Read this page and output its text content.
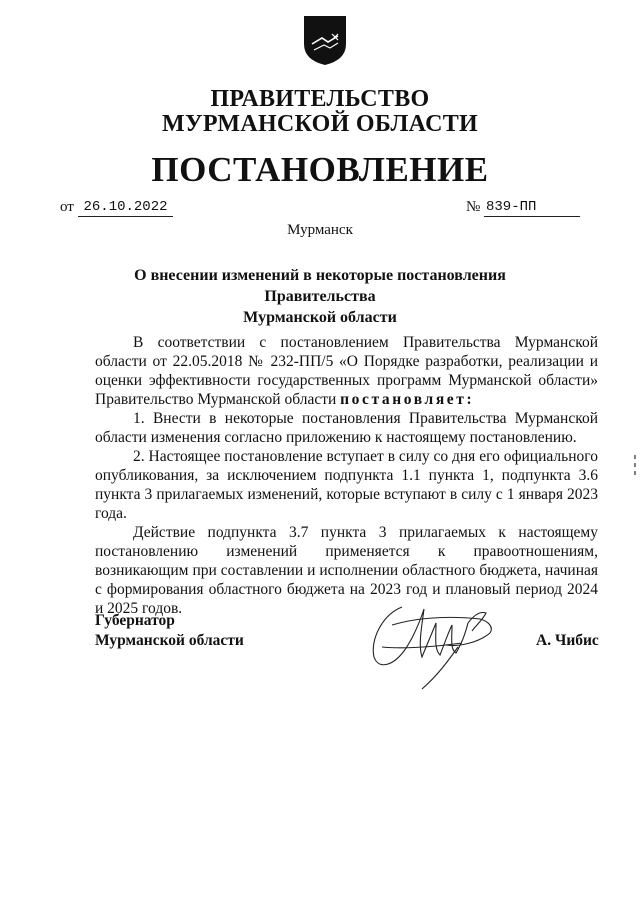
ПРАВИТЕЛЬСТВО
МУРМАНСКОЙ ОБЛАСТИ
ПОСТАНОВЛЕНИЕ
от 26.10.2022	№ 839-ПП
Мурманск
О внесении изменений в некоторые постановления Правительства
Мурманской области

В соответствии с постановлением Правительства Мурманской области от 22.05.2018 № 232-ПП/5 «О Порядке разработки, реализации и оценки эффективности государственных программ Мурманской области» Правительство Мурманской области постановляет:

1. Внести в некоторые постановления Правительства Мурманской области изменения согласно приложению к настоящему постановлению.

2. Настоящее постановление вступает в силу со дня его официального опубликования, за исключением подпункта 1.1 пункта 1, подпункта 3.6 пункта 3 прилагаемых изменений, которые вступают в силу с 1 января 2023 года.

Действие подпункта 3.7 пункта 3 прилагаемых к настоящему постановлению изменений применяется к правоотношениям, возникающим при составлении и исполнении областного бюджета, начиная с формирования областного бюджета на 2023 год и плановый период 2024 и 2025 годов.

Губернатор
Мурманской области	А. Чибис
